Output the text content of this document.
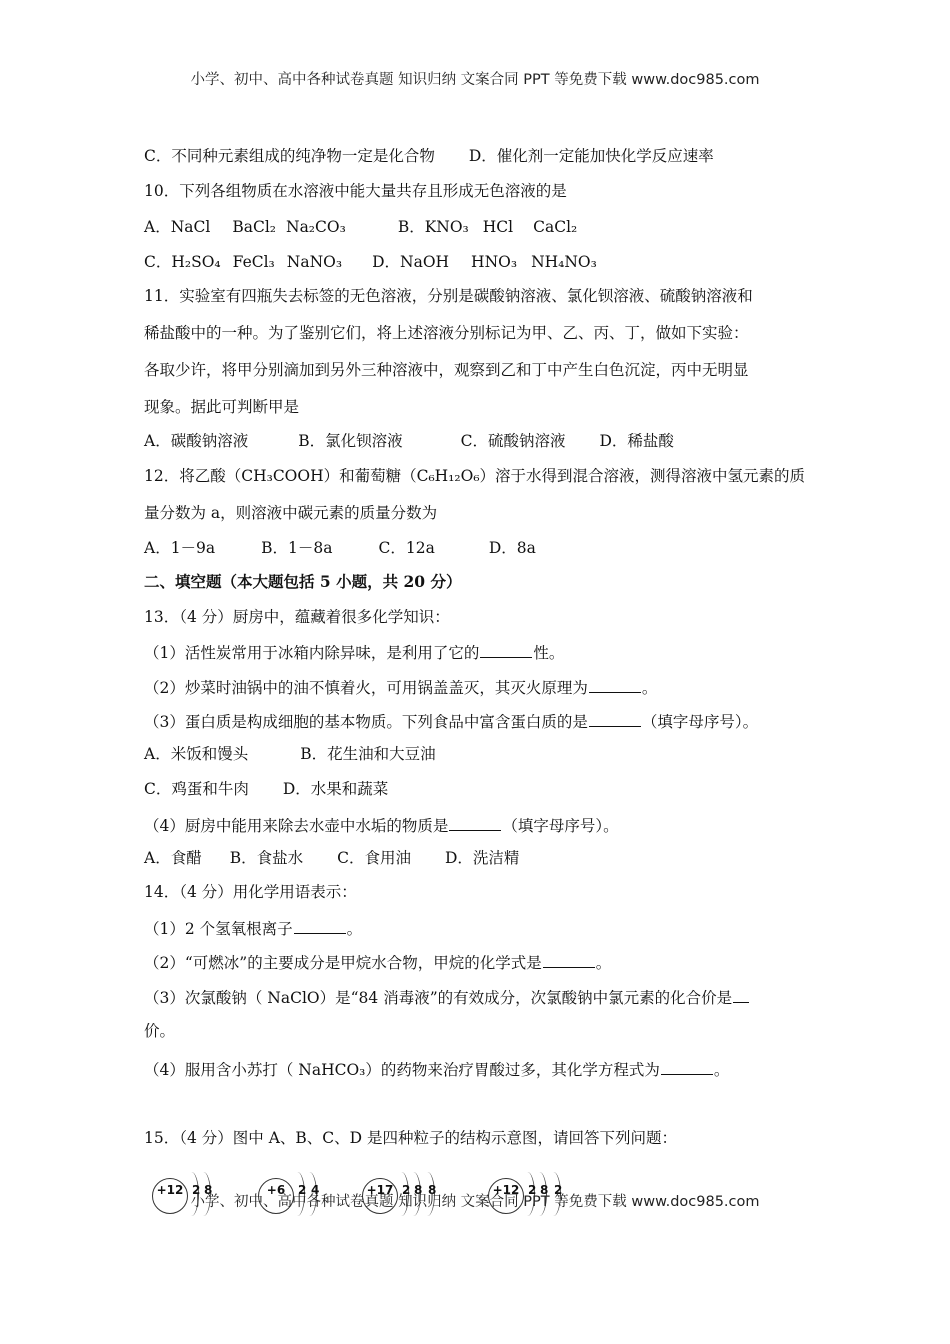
小学、初中、高中各种试卷真题 知识归纳 文案合同 PPT 等免费下载 www.doc985.com
C．不同种元素组成的纯净物一定是化合物 D．催化剂一定能加快化学反应速率
10．下列各组物质在水溶液中能大量共存且形成无色溶液的是
A．NaCl BaCl₂ Na₂CO₃	B．KNO₃ HCl CaCl₂
C．H₂SO₄ FeCl₃ NaNO₃ D．NaOH HNO₃ NH₄NO₃
11．实验室有四瓶失去标签的无色溶液，分别是碳酸钠溶液、氯化钡溶液、硫酸钠溶液和
稀盐酸中的一种。为了鉴别它们，将上述溶液分别标记为甲、乙、丙、丁，做如下实验：
各取少许，将甲分别滴加到另外三种溶液中，观察到乙和丁中产生白色沉淀，丙中无明显
现象。据此可判断甲是
A．碳酸钠溶液	B．氯化钡溶液	C．硫酸钠溶液 D．稀盐酸
12．将乙酸（CH₃COOH）和葡萄糖（C₆H₁₂O₆）溶于水得到混合溶液，测得溶液中氢元素的质
量分数为 a，则溶液中碳元素的质量分数为
A．1－9a	B．1－8a	C．12a	D．8a
二、填空题（本大题包括 5 小题，共 20 分）
13．（4 分）厨房中，蕴藏着很多化学知识：
（1）活性炭常用于冰箱内除异味，是利用了它的	性。
（2）炒菜时油锅中的油不慎着火，可用锅盖盖灭，其灭火原理为	。
（3）蛋白质是构成细胞的基本物质。下列食品中富含蛋白质的是	（填字母序号）。
A．米饭和馒头	B．花生油和大豆油
C．鸡蛋和牛肉 D．水果和蔬菜
（4）厨房中能用来除去水壶中水垢的物质是	（填字母序号）。
A．食醋 B．食盐水 C．食用油 D．洗洁精
14．（4 分）用化学用语表示：
（1）2 个氢氧根离子	。
（2）“可燃冰”的主要成分是甲烷水合物，甲烷的化学式是	。
（3）次氯酸钠（ NaClO）是“84 消毒液”的有效成分，次氯酸钠中氯元素的化合价是
价。
（4）服用含小苏打（ NaHCO₃）的药物来治疗胃酸过多，其化学方程式为	。
15．（4 分）图中 A、B、C、D 是四种粒子的结构示意图，请回答下列问题：
+12 2 8	+6	2 4	+17 2 8 8	+12 2 8 2
小学、初中、高中各种试卷真题 知识归纳 文案合同 PPT 等免费下载 www.doc985.com
